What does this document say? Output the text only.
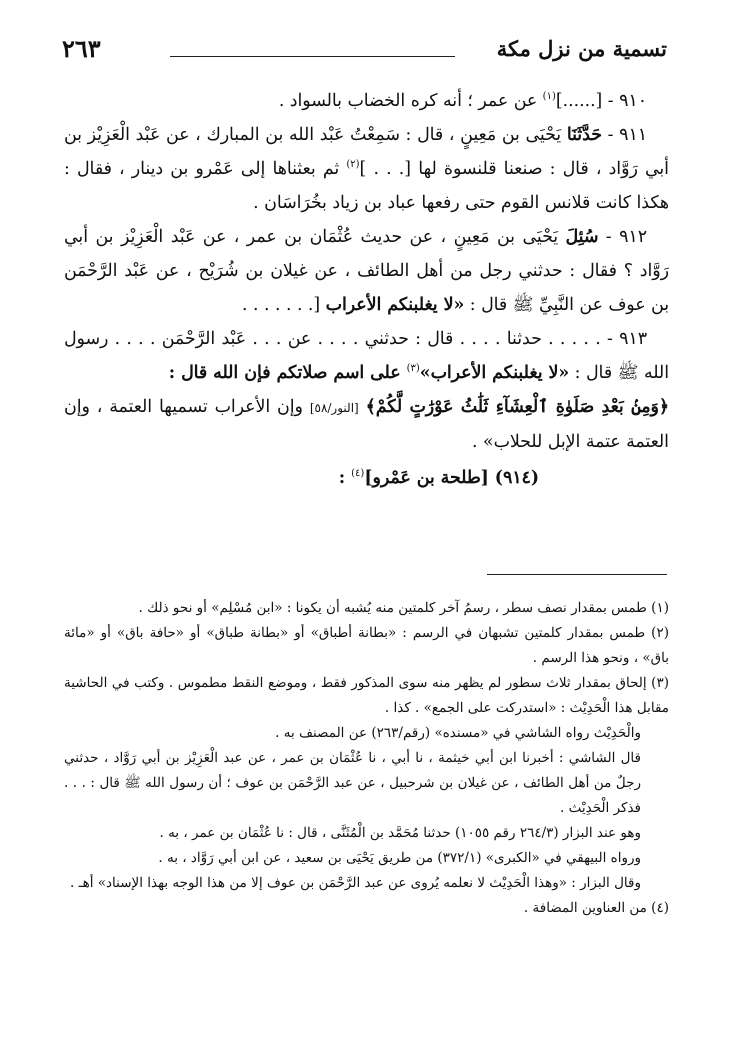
تسمية من نزل مكة
٢٦٣

٩١٠ - [......]$^{(١)}$ عن عمر ؛ أنه كره الخضاب بالسواد .

٩١١ - حَدَّثَنَا يَحْيَى بن مَعِينٍ ، قال : سَمِعْتُ عَبْد الله بن المبارك ، عن عَبْد الْعَزِيْز بن أبي رَوَّاد ، قال : صنعنا قلنسوة لها [. . . ]$^{(٢)}$ ثم بعثناها إلى عَمْرو بن دينار ، فقال : هكذا كانت قلانس القوم حتى رفعها عباد بن زياد بخُرَاسَان .

٩١٢ - سُئِلَ يَحْيَى بن مَعِينٍ ، عن حديث عُثْمَان بن عمر ، عن عَبْد الْعَزِيْز بن أبي رَوَّاد ؟ فقال : حدثني رجل من أهل الطائف ، عن غيلان بن شُرَيْح ، عن عَبْد الرَّحْمَن بن عوف عن النَّبِيِّ ﷺ قال : «لا يغلبنكم الأعراب [. . . . . . .

٩١٣ - . . . . . حدثنا . . . . قال : حدثني . . . . عن . . . عَبْد الرَّحْمَن . . . . رسول الله ﷺ قال : «لا يغلبنكم الأعراب»$^{(٣)}$ على اسم صلاتكم فإن الله قال :
﴿وَمِنۢ بَعْدِ صَلَوٰةِ ٱلْعِشَآءِ ثَلَٰثُ عَوْرَٰتٍ لَّكُمْ﴾ [النور/٥٨] وإن الأعراب تسميها العتمة ، وإن العتمة عتمة الإبل للحلاب» .

(٩١٤) [طلحة بن عَمْرو]$^{(٤)}$ :

(١) طمس بمقدار نصف سطر ، رسمُ آخر كلمتين منه يُشبه أن يكونا : «ابن مُسْلِم» أو نحو ذلك .

(٢) طمس بمقدار كلمتين تشبهان في الرسم : «بطانة أطباق» أو «بطانة طباق» أو «حافة باق» أو «مائة باق» ، ونحو هذا الرسم .

(٣) إلحاق بمقدار ثلاث سطور لم يظهر منه سوى المذكور فقط ، وموضع النقط مطموس . وكتب في الحاشية مقابل هذا الْحَدِيْث : «استدركت على الجمع» . كذا .

والْحَدِيْث رواه الشاشي في «مسنده» (رقم/٢٦٣) عن المصنف به .

قال الشاشي : أخبرنا ابن أبي خيثمة ، نا أبي ، نا عُثْمَان بن عمر ، عن عبد الْعَزِيْز بن أبي رَوَّاد ، حدثني رجلٌ من أهل الطائف ، عن غيلان بن شرحبيل ، عن عبد الرَّحْمَن بن عوف ؛ أن رسول الله ﷺ قال : . . . فذكر الْحَدِيْث .

وهو عند البزار (٢٦٤/٣ رقم ١٠٥٥) حدثنا مُحَمَّد بن الْمُثَنَّى ، قال : نا عُثْمَان بن عمر ، به .

ورواه البيهقي في «الكبرى» (٣٧٢/١) من طريق يَحْيَى بن سعيد ، عن ابن أبي رَوَّاد ، به .

وقال البزار : «وهذا الْحَدِيْث لا نعلمه يُروى عن عبد الرَّحْمَن بن عوف إلا من هذا الوجه بهذا الإسناد» أهـ .

(٤) من العناوين المضافة .
